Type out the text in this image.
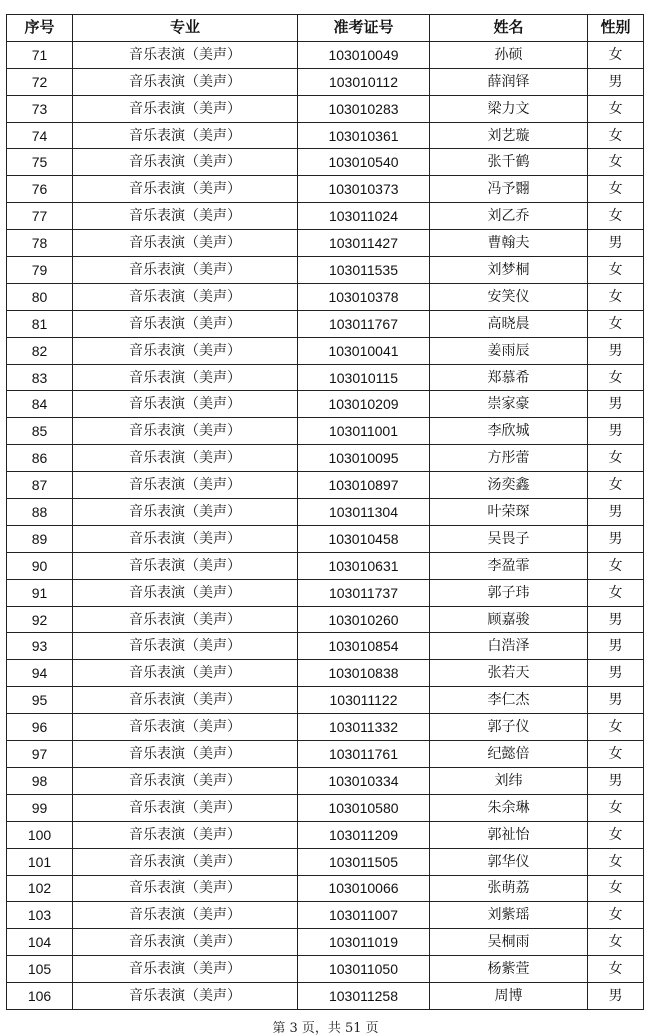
序号	专业	准考证号	姓名	性别
71	音乐表演（美声）	103010049	孙硕	女
72	音乐表演（美声）	103010112	薛润铎	男
73	音乐表演（美声）	103010283	梁力文	女
74	音乐表演（美声）	103010361	刘艺璇	女
75	音乐表演（美声）	103010540	张千鹤	女
76	音乐表演（美声）	103010373	冯予翾	女
77	音乐表演（美声）	103011024	刘乙乔	女
78	音乐表演（美声）	103011427	曹翰夫	男
79	音乐表演（美声）	103011535	刘梦桐	女
80	音乐表演（美声）	103010378	安笑仪	女
81	音乐表演（美声）	103011767	高晓晨	女
82	音乐表演（美声）	103010041	姜雨辰	男
83	音乐表演（美声）	103010115	郑慕希	女
84	音乐表演（美声）	103010209	崇家豪	男
85	音乐表演（美声）	103011001	李欣城	男
86	音乐表演（美声）	103010095	方彤蕾	女
87	音乐表演（美声）	103010897	汤奕鑫	女
88	音乐表演（美声）	103011304	叶荣琛	男
89	音乐表演（美声）	103010458	吴畏子	男
90	音乐表演（美声）	103010631	李盈霏	女
91	音乐表演（美声）	103011737	郭子玮	女
92	音乐表演（美声）	103010260	顾嘉骏	男
93	音乐表演（美声）	103010854	白浩泽	男
94	音乐表演（美声）	103010838	张若天	男
95	音乐表演（美声）	103011122	李仁杰	男
96	音乐表演（美声）	103011332	郭子仪	女
97	音乐表演（美声）	103011761	纪懿倍	女
98	音乐表演（美声）	103010334	刘纬	男
99	音乐表演（美声）	103010580	朱余琳	女
100	音乐表演（美声）	103011209	郭祉怡	女
101	音乐表演（美声）	103011505	郭华仪	女
102	音乐表演（美声）	103010066	张萌荔	女
103	音乐表演（美声）	103011007	刘紫瑶	女
104	音乐表演（美声）	103011019	吴桐雨	女
105	音乐表演（美声）	103011050	杨紫萱	女
106	音乐表演（美声）	103011258	周博	男
第 3 页，共 51 页
